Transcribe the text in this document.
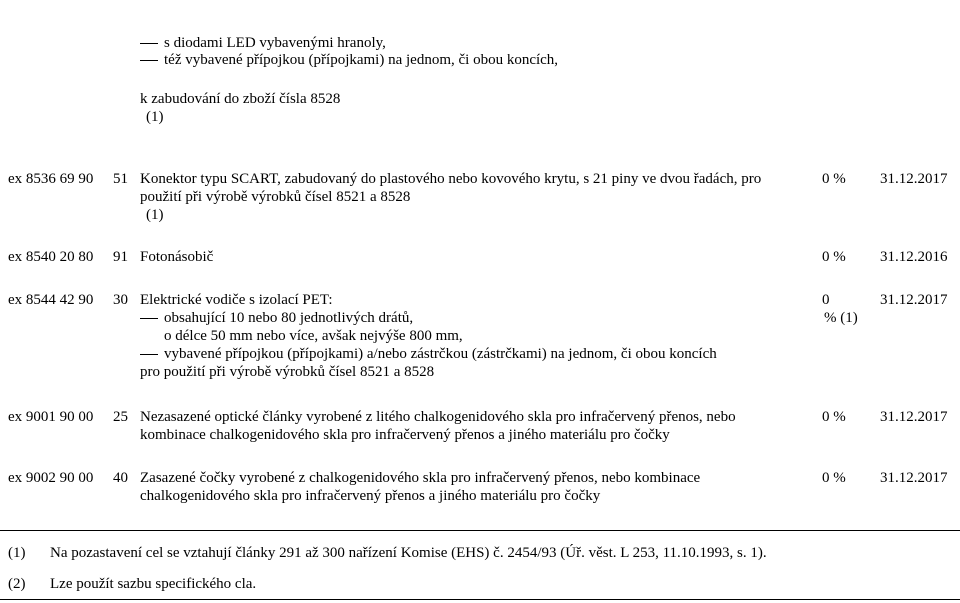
s diodami LED vybavenými hranoly,
též vybavené přípojkou (přípojkami) na jednom, či obou koncích,
k zabudování do zboží čísla 8528
(1)
ex 8536 69 90 51 Konektor typu SCART, zabudovaný do plastového nebo kovového krytu, s 21 piny ve dvou řadách, pro
použití při výrobě výrobků čísel 8521 a 8528
(1)
0 % 31.12.2017
ex 8540 20 80 91 Fotonásobič	0 % 31.12.2016
ex 8544 42 90 30 Elektrické vodiče s izolací PET:
obsahující 10 nebo 80 jednotlivých drátů,
o délce 50 mm nebo více, avšak nejvýše 800 mm,
vybavené přípojkou (přípojkami) a/nebo zástrčkou (zástrčkami) na jednom, či obou koncích
pro použití při výrobě výrobků čísel 8521 a 8528
0
% (1)
31.12.2017
ex 9001 90 00 25 Nezasazené optické články vyrobené z litého chalkogenidového skla pro infračervený přenos, nebo
kombinace chalkogenidového skla pro infračervený přenos a jiného materiálu pro čočky
0 % 31.12.2017
ex 9002 90 00 40 Zasazené čočky vyrobené z chalkogenidového skla pro infračervený přenos, nebo kombinace
chalkogenidového skla pro infračervený přenos a jiného materiálu pro čočky
0 % 31.12.2017
(1) Na pozastavení cel se vztahují články 291 až 300 nařízení Komise (EHS) č. 2454/93 (Úř. věst. L 253, 11.10.1993, s. 1).
(2) Lze použít sazbu specifického cla.
